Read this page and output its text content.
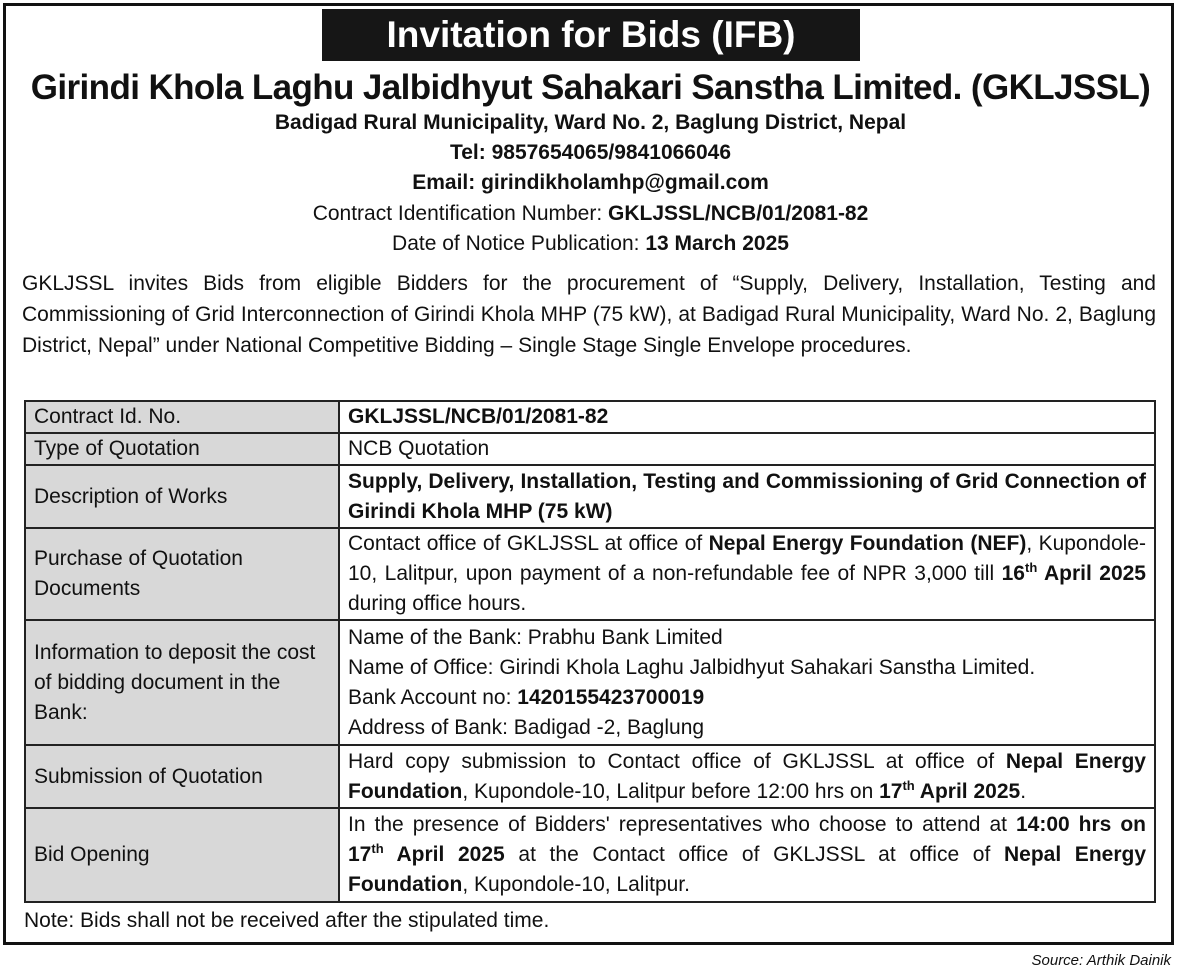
Invitation for Bids (IFB)
Girindi Khola Laghu Jalbidhyut Sahakari Sanstha Limited. (GKLJSSL)
Badigad Rural Municipality, Ward No. 2, Baglung District, Nepal
Tel: 9857654065/9841066046
Email: girindikholamhp@gmail.com
Contract Identification Number: GKLJSSL/NCB/01/2081-82
Date of Notice Publication: 13 March 2025
GKLJSSL invites Bids from eligible Bidders for the procurement of “Supply, Delivery, Installation, Testing and Commissioning of Grid Interconnection of Girindi Khola MHP (75 kW), at Badigad Rural Municipality, Ward No. 2, Baglung District, Nepal” under National Competitive Bidding – Single Stage Single Envelope procedures.
Contract Id. No.	GKLJSSL/NCB/01/2081-82
Type of Quotation	NCB Quotation
Description of Works	Supply, Delivery, Installation, Testing and Commissioning of Grid Connection of Girindi Khola MHP (75 kW)
Purchase of Quotation Documents	Contact office of GKLJSSL at office of Nepal Energy Foundation (NEF), Kupondole-10, Lalitpur, upon payment of a non-refundable fee of NPR 3,000 till 16th April 2025 during office hours.
Information to deposit the cost of bidding document in the Bank:	Name of the Bank: Prabhu Bank Limited
Name of Office: Girindi Khola Laghu Jalbidhyut Sahakari Sanstha Limited.
Bank Account no: 1420155423700019
Address of Bank: Badigad -2, Baglung

Submission of Quotation	Hard copy submission to Contact office of GKLJSSL at office of Nepal Energy Foundation, Kupondole-10, Lalitpur before 12:00 hrs on 17th April 2025.
Bid Opening	In the presence of Bidders' representatives who choose to attend at 14:00 hrs on 17th April 2025 at the Contact office of GKLJSSL at office of Nepal Energy Foundation, Kupondole-10, Lalitpur.
Note: Bids shall not be received after the stipulated time.
Source: Arthik Dainik
